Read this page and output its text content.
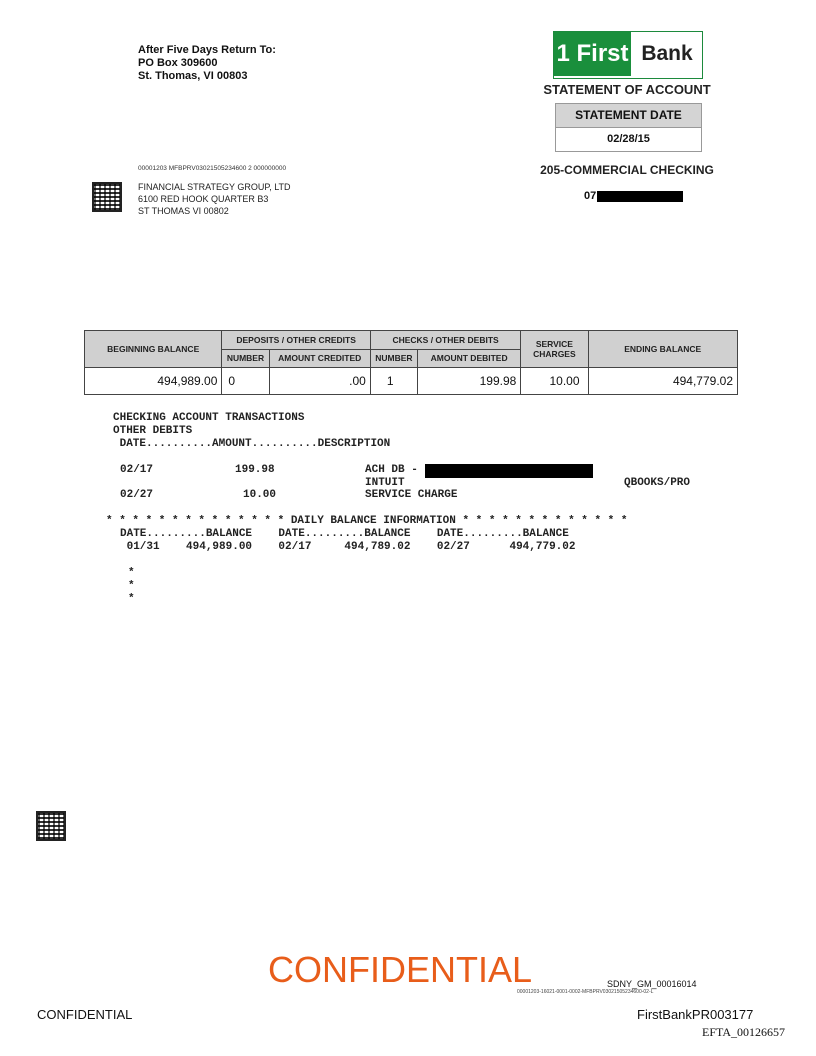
After Five Days Return To:
PO Box 309600
St. Thomas, VI 00803
1 First Bank
STATEMENT OF ACCOUNT
STATEMENT DATE
02/28/15
205-COMMERCIAL CHECKING
07
00001203 MFBPRV03021505234600 2 000000000
FINANCIAL STRATEGY GROUP, LTD
6100 RED HOOK QUARTER B3
ST THOMAS VI 00802
BEGINNING BALANCE	DEPOSITS / OTHER CREDITS		CHECKS / OTHER DEBITS		SERVICE CHARGES	ENDING BALANCE
	NUMBER	AMOUNT CREDITED	NUMBER	AMOUNT DEBITED		
494,989.00	0	.00	1	199.98	10.00	494,779.02
CHECKING ACCOUNT TRANSACTIONS
OTHER DEBITS
DATE..........AMOUNT..........DESCRIPTION
02/17	199.98	ACH DB -
INTUIT	QBOOKS/PRO
02/27	10.00	SERVICE CHARGE
* * * * * * * * * * * * * * DAILY BALANCE INFORMATION * * * * * * * * * * * * *
DATE.........BALANCE    DATE.........BALANCE    DATE.........BALANCE
01/31    494,989.00    02/17     494,789.02    02/27      494,779.02
*
*
*
CONFIDENTIAL	SDNY_GM_00016014
00001203-16021-0001-0002-MFBPRV03021505234600-02-L
CONFIDENTIAL	FirstBankPR003177
EFTA_00126657
